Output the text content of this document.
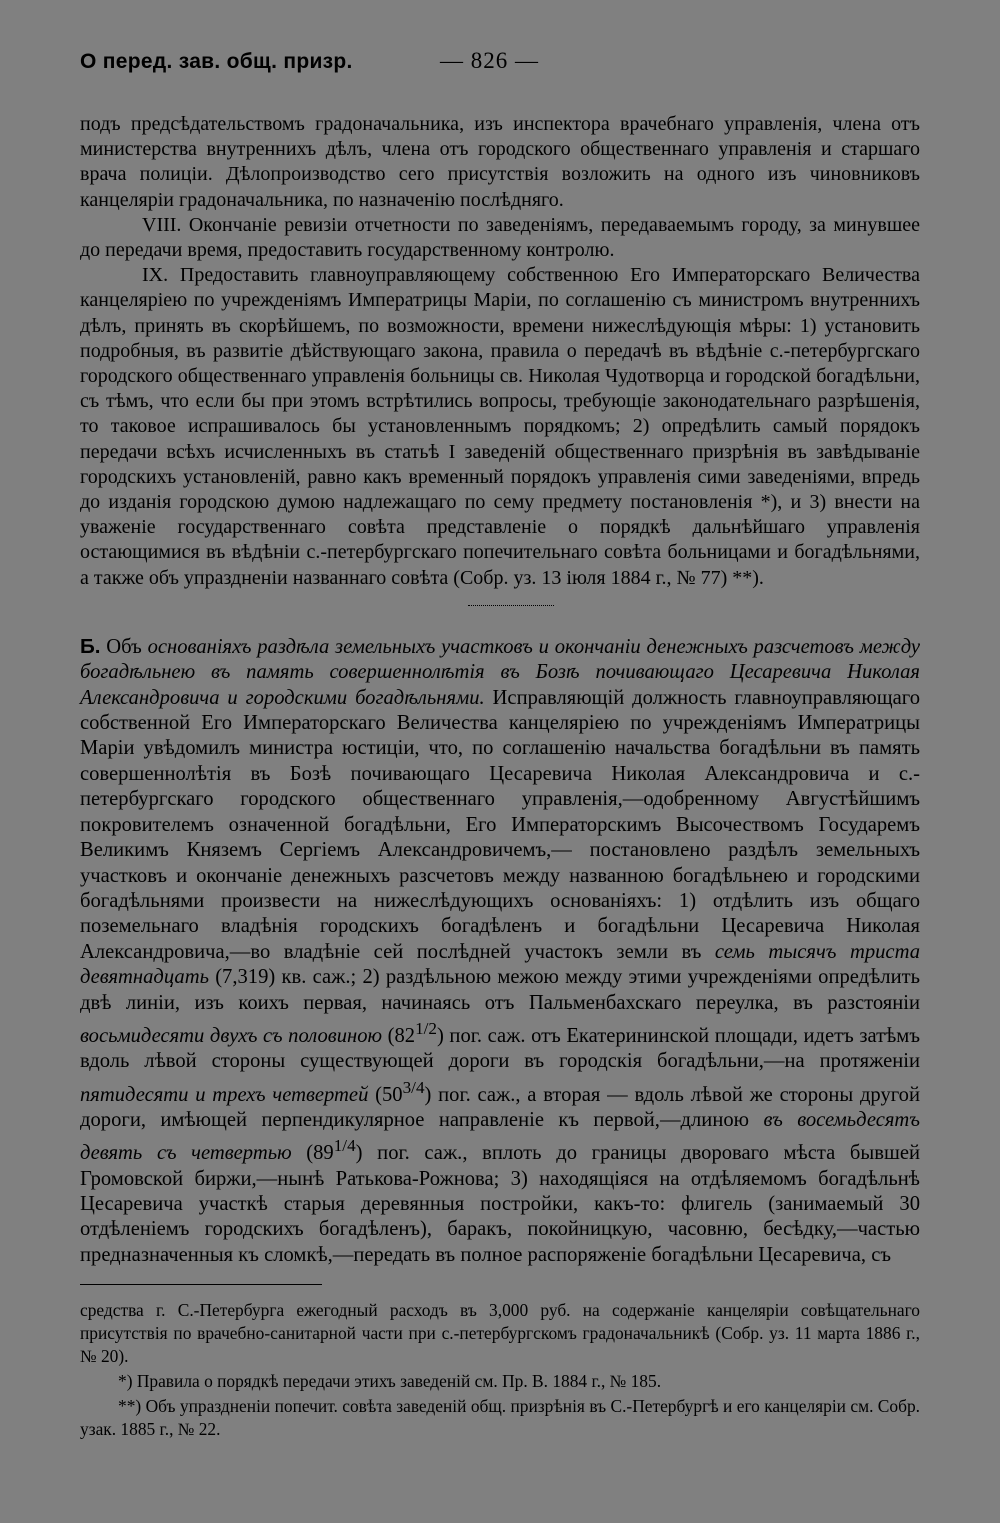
О перед. зав. общ. призр.	— 826 —

подъ предсѣдательствомъ градоначальника, изъ инспектора врачебнаго управленія, члена отъ министерства внутреннихъ дѣлъ, члена отъ городского общественнаго управленія и старшаго врача полиціи. Дѣлопроизводство сего присутствія возложить на одного изъ чиновниковъ канцеляріи градоначальника, по назначенію послѣдняго.

VIII. Окончаніе ревизіи отчетности по заведеніямъ, передаваемымъ городу, за минувшее до передачи время, предоставить государственному контролю.

IX. Предоставить главноуправляющему собственною Его Императорскаго Величества канцеляріею по учрежденіямъ Императрицы Маріи, по соглашенію съ министромъ внутреннихъ дѣлъ, принять въ скорѣйшемъ, по возможности, времени нижеслѣдующія мѣры: 1) установить подробныя, въ развитіе дѣйствующаго закона, правила о передачѣ въ вѣдѣніе с.-петербургскаго городского общественнаго управленія больницы св. Николая Чудотворца и городской богадѣльни, съ тѣмъ, что если бы при этомъ встрѣтились вопросы, требующіе законодательнаго разрѣшенія, то таковое испрашивалось бы установленнымъ порядкомъ; 2) опредѣлить самый порядокъ передачи всѣхъ исчисленныхъ въ статьѣ I заведеній общественнаго призрѣнія въ завѣдываніе городскихъ установленій, равно какъ временный порядокъ управленія сими заведеніями, впредь до изданія городскою думою надлежащаго по сему предмету постановленія *), и 3) внести на уваженіе государственнаго совѣта представленіе о порядкѣ дальнѣйшаго управленія остающимися въ вѣдѣніи с.-петербургскаго попечительнаго совѣта больницами и богадѣльнями, а также объ упраздненіи названнаго совѣта (Собр. уз. 13 іюля 1884 г., № 77) **).

Б. Объ основаніяхъ раздѣла земельныхъ участковъ и окончаніи денежныхъ разсчетовъ между богадѣльнею въ память совершеннолѣтія въ Бозѣ почивающаго Цесаревича Николая Александровича и городскими богадѣльнями. Исправляющій должность главноуправляющаго собственной Его Императорскаго Величества канцеляріею по учрежденіямъ Императрицы Маріи увѣдомилъ министра юстиціи, что, по соглашенію начальства богадѣльни въ память совершеннолѣтія въ Бозѣ почивающаго Цесаревича Николая Александровича и с.-петербургскаго городского общественнаго управленія,—одобренному Августѣйшимъ покровителемъ означенной богадѣльни, Его Императорскимъ Высочествомъ Государемъ Великимъ Княземъ Сергіемъ Александровичемъ,— постановлено раздѣлъ земельныхъ участковъ и окончаніе денежныхъ разсчетовъ между названною богадѣльнею и городскими богадѣльнями произвести на нижеслѣдующихъ основаніяхъ: 1) отдѣлить изъ общаго поземельнаго владѣнія городскихъ богадѣленъ и богадѣльни Цесаревича Николая Александровича,—во владѣніе сей послѣдней участокъ земли въ семь тысячъ триста девятнадцать (7,319) кв. саж.; 2) раздѣльною межою между этими учрежденіями опредѣлить двѣ линіи, изъ коихъ первая, начинаясь отъ Пальменбахскаго переулка, въ разстояніи восьмидесяти двухъ съ половиною $(82^{1/2})$ пог. саж. отъ Екатерининской площади, идетъ затѣмъ вдоль лѣвой стороны существующей дороги въ городскія богадѣльни,—на протяженіи пятидесяти и трехъ четвертей $(50^{3/4})$ пог. саж., а вторая — вдоль лѣвой же стороны другой дороги, имѣющей перпендикулярное направленіе къ первой,—длиною въ восемьдесятъ девять съ четвертью $(89^{1/4})$ пог. саж., вплоть до границы двороваго мѣста бывшей Громовской биржи,—нынѣ Ратькова-Рожнова; 3) находящіяся на отдѣляемомъ богадѣльнѣ Цесаревича участкѣ старыя деревянныя постройки, какъ-то: флигель (занимаемый 30 отдѣленіемъ городскихъ богадѣленъ), баракъ, покойницкую, часовню, бесѣдку,—частью предназначенныя къ сломкѣ,—передать въ полное распоряженіе богадѣльни Цесаревича, съ

средства г. С.-Петербурга ежегодный расходъ въ 3,000 руб. на содержаніе канцеляріи совѣщательнаго присутствія по врачебно-санитарной части при с.-петербургскомъ градоначальникѣ (Собр. уз. 11 марта 1886 г., № 20).

*) Правила о порядкѣ передачи этихъ заведеній см. Пр. В. 1884 г., № 185.

**) Объ упраздненіи попечит. совѣта заведеній общ. призрѣнія въ С.-Петербургѣ и его канцеляріи см. Собр. узак. 1885 г., № 22.
